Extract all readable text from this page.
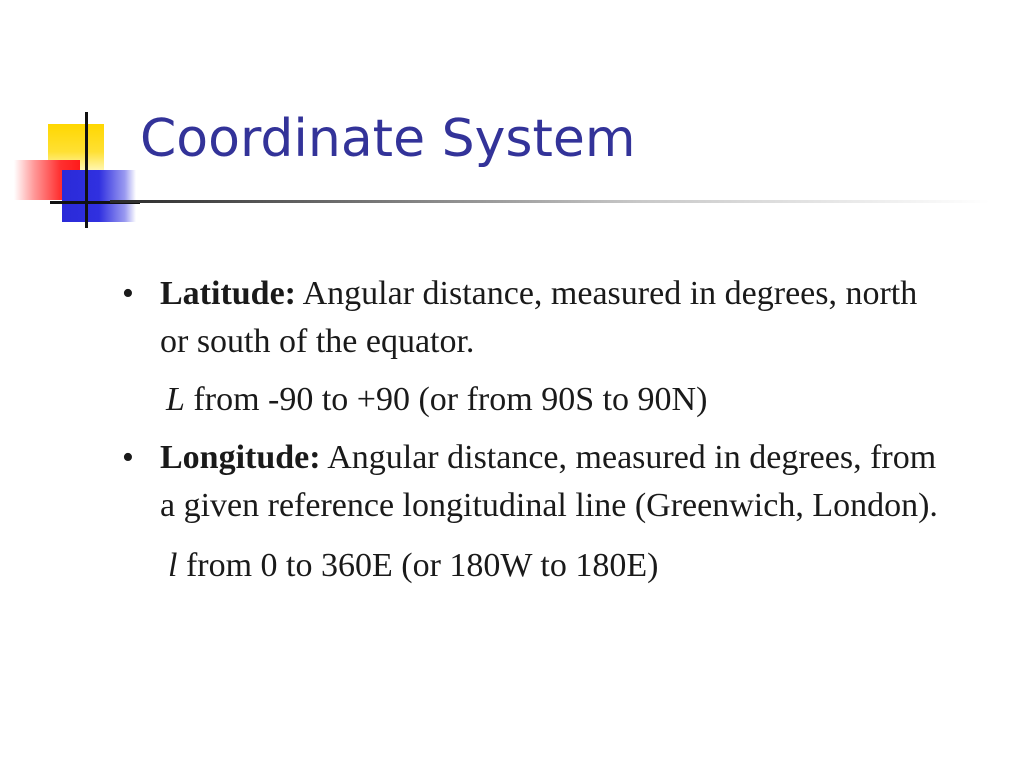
Coordinate System
• Latitude: Angular distance, measured in degrees, north or south of the equator.
L from -90 to +90 (or from 90S to 90N)
• Longitude: Angular distance, measured in degrees, from a given reference longitudinal line (Greenwich, London).
l from 0 to 360E (or 180W to 180E)
